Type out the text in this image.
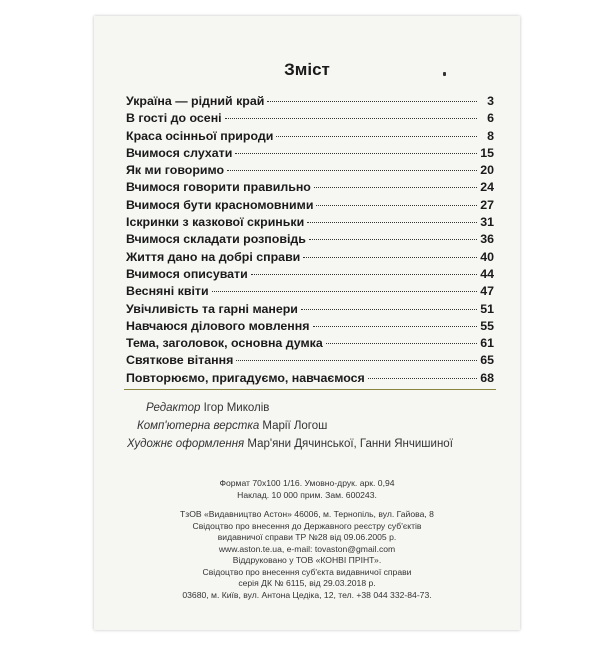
Зміст
Україна — рідний край	3
В гості до осені	6
Краса осінньої природи	8
Вчимося слухати	15
Як ми говоримо	20
Вчимося говорити правильно	24
Вчимося бути красномовними	27
Іскринки з казкової скриньки	31
Вчимося складати розповідь	36
Життя дано на добрі справи	40
Вчимося описувати	44
Весняні квіти	47
Увічливість та гарні манери	51
Навчаюся ділового мовлення	55
Тема, заголовок, основна думка	61
Святкове вітання	65
Повторюємо, пригадуємо, навчаємося	68
Редактор Ігор Миколів
Комп'ютерна верстка Марії Логош
Художнє оформлення Мар'яни Дячинської, Ганни Янчишиної
Формат 70x100 1/16. Умовно-друк. арк. 0,94
Наклад. 10 000 прим. Зам. 600243.
ТзОВ «Видавництво Астон» 46006, м. Тернопіль, вул. Гайова, 8
Свідоцтво про внесення до Державного реєстру суб'єктів
видавничої справи ТР №28 від 09.06.2005 р.
www.aston.te.ua, e-mail: tovaston@gmail.com
Віддруковано у ТОВ «КОНВІ ПРІНТ».
Свідоцтво про внесення суб'єкта видавничої справи
серія ДК № 6115, від 29.03.2018 р.
03680, м. Київ, вул. Антона Цедіка, 12, тел. +38 044 332-84-73.
